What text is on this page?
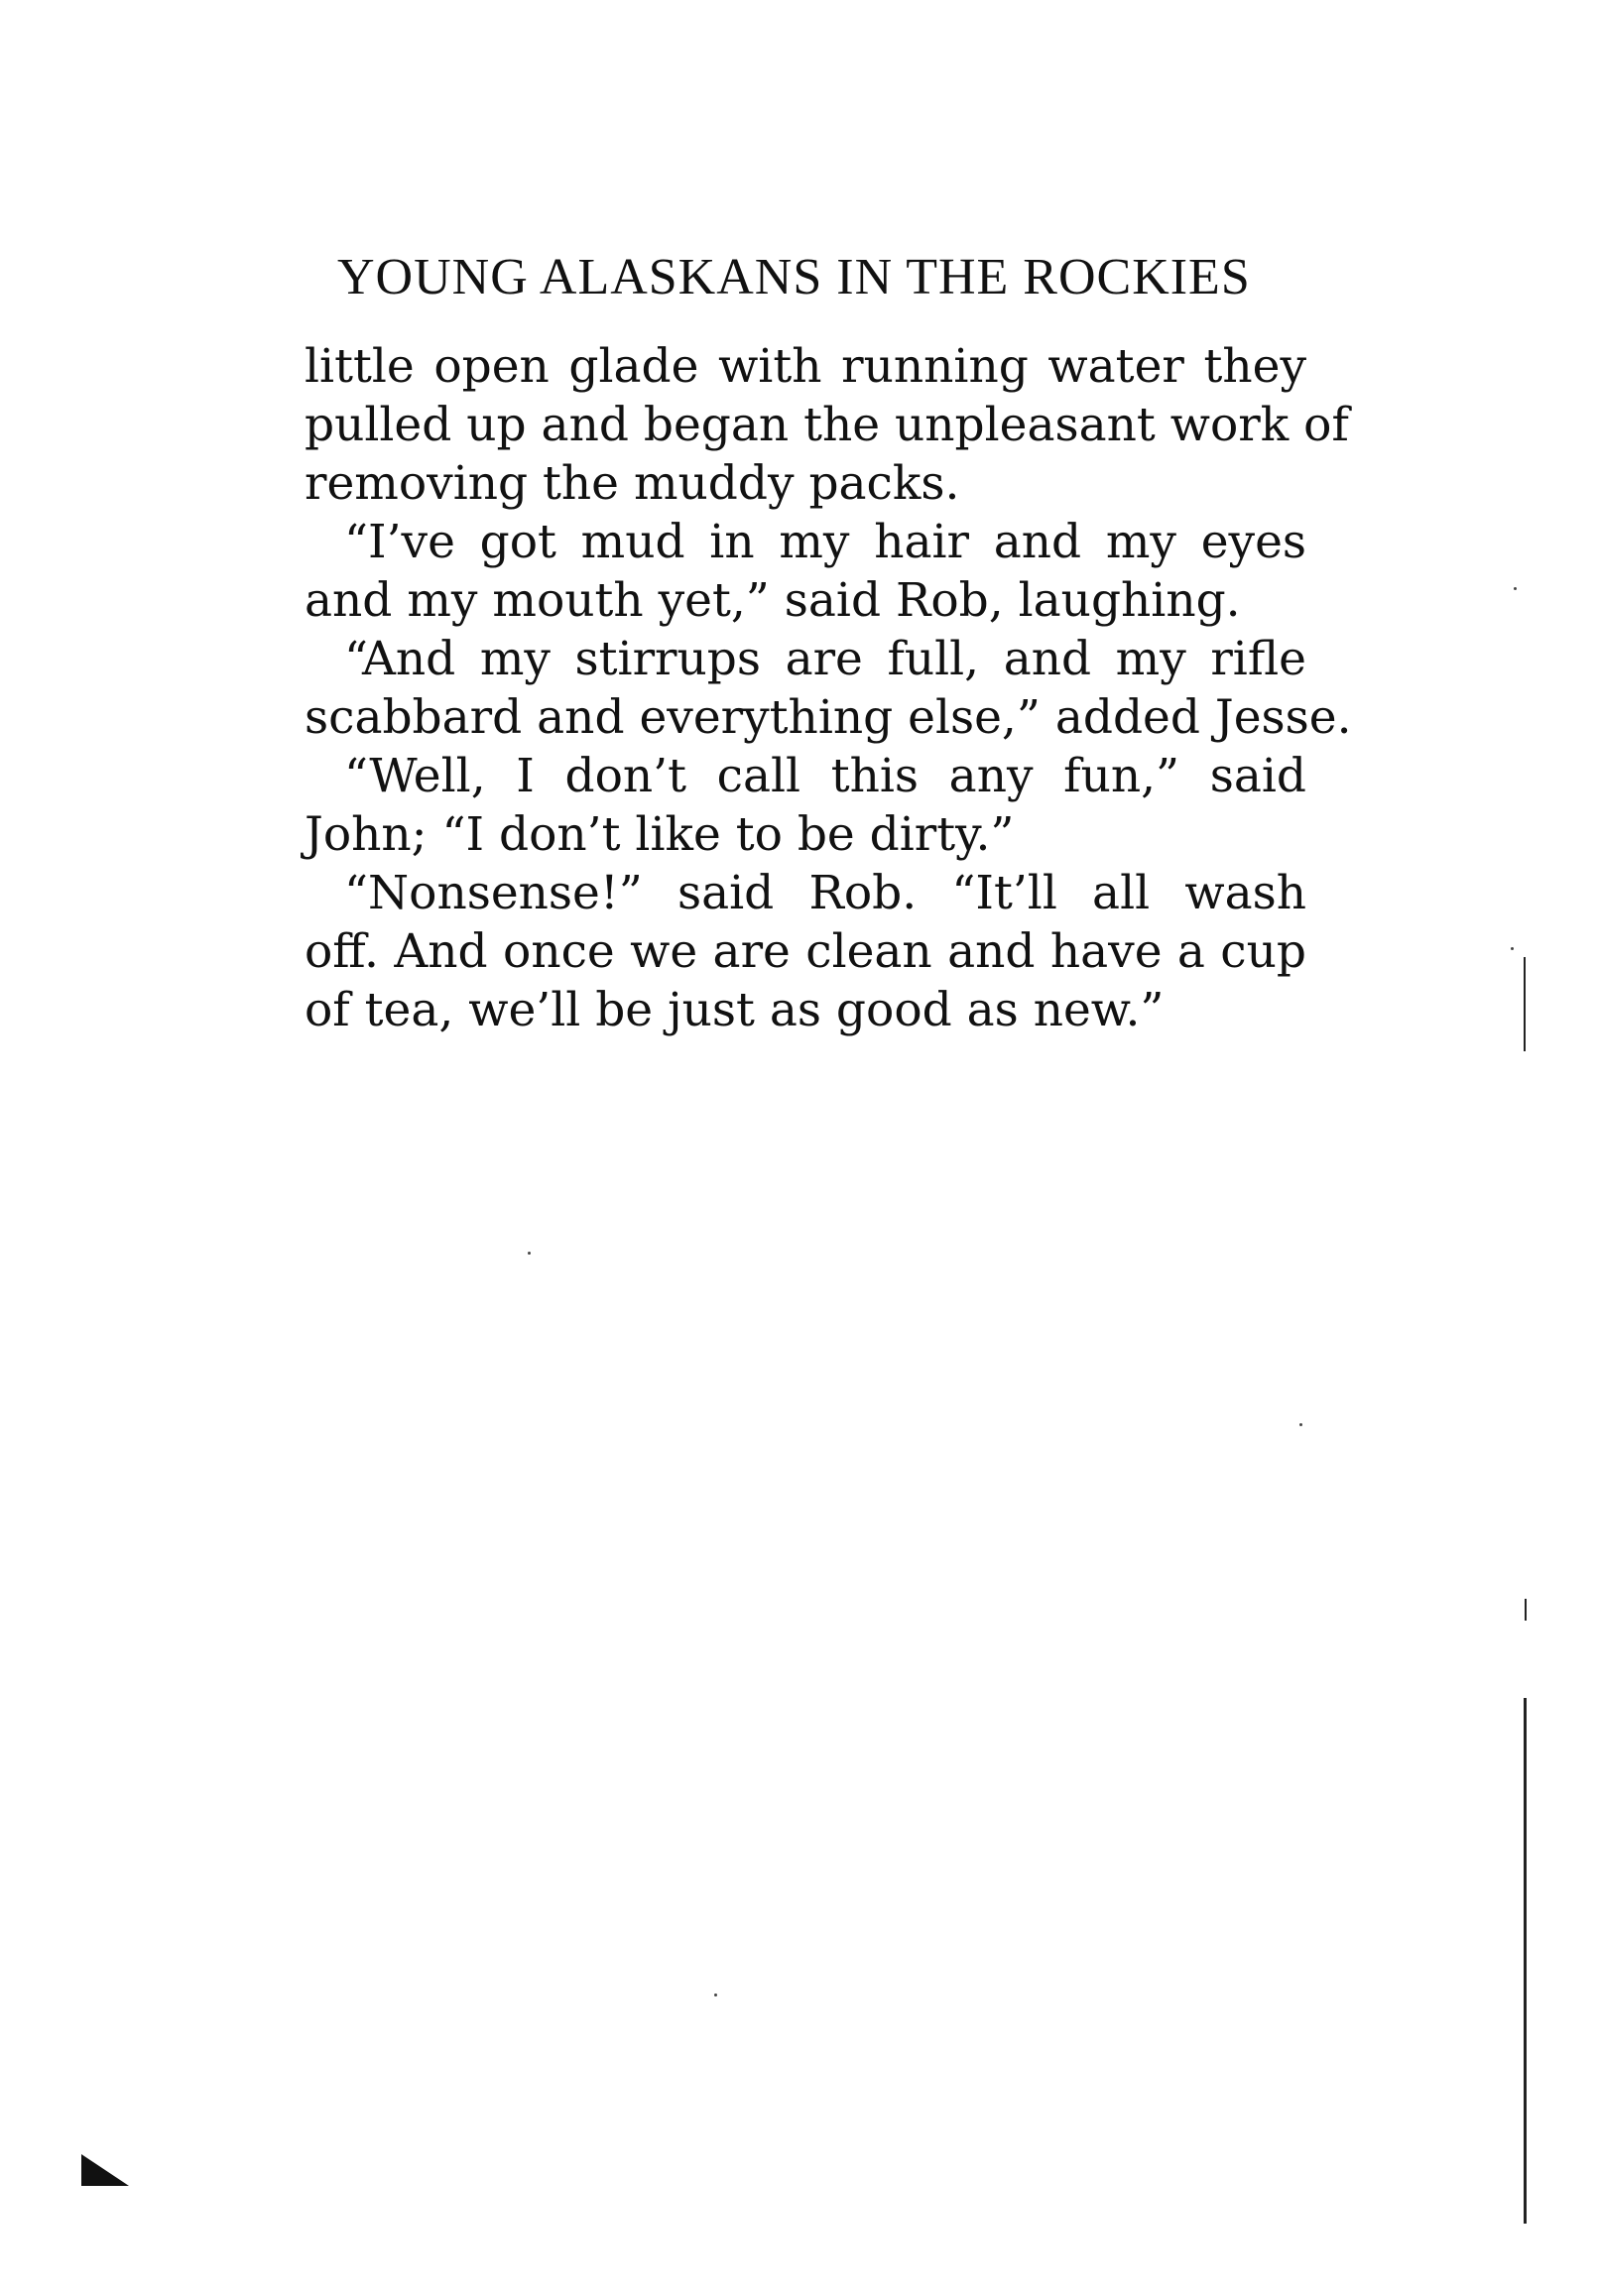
YOUNG ALASKANS IN THE ROCKIES
little open glade with running water they
pulled up and began the unpleasant work of
removing the muddy packs.
“I’ve got mud in my hair and my eyes
and my mouth yet,” said Rob, laughing.
“And my stirrups are full, and my rifle
scabbard and everything else,” added Jesse.
“Well, I don’t call this any fun,” said
John; “I don’t like to be dirty.”
“Nonsense!” said Rob. “It’ll all wash
off. And once we are clean and have a cup
of tea, we’ll be just as good as new.”
